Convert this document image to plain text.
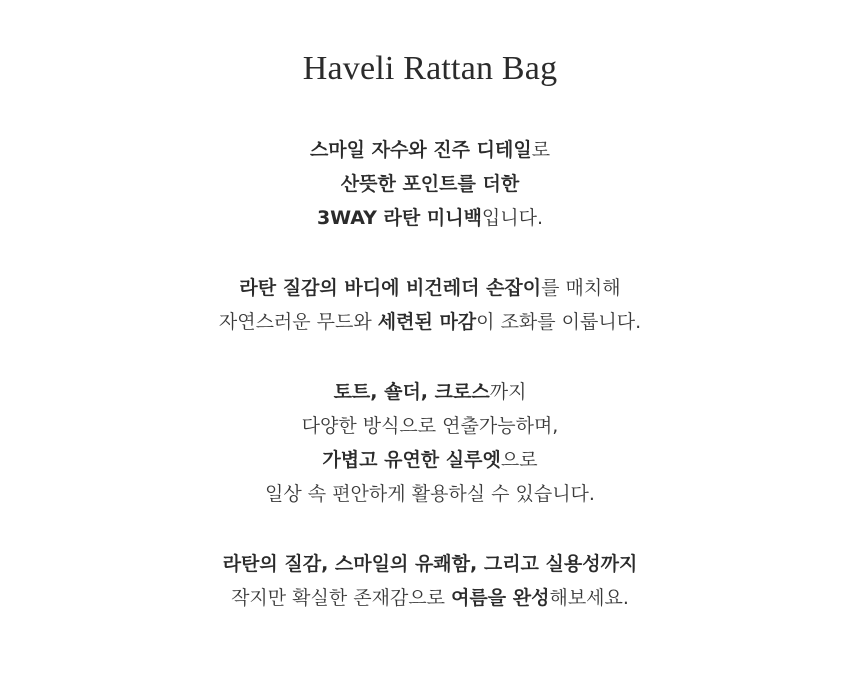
Haveli Rattan Bag
스마일 자수와 진주 디테일로
산뜻한 포인트를 더한
3WAY 라탄 미니백입니다.
라탄 질감의 바디에 비건레더 손잡이를 매치해
자연스러운 무드와 세련된 마감이 조화를 이룹니다.
토트, 숄더, 크로스까지
다양한 방식으로 연출가능하며,
가볍고 유연한 실루엣으로
일상 속 편안하게 활용하실 수 있습니다.
라탄의 질감, 스마일의 유쾌함, 그리고 실용성까지
작지만 확실한 존재감으로 여름을 완성해보세요.
